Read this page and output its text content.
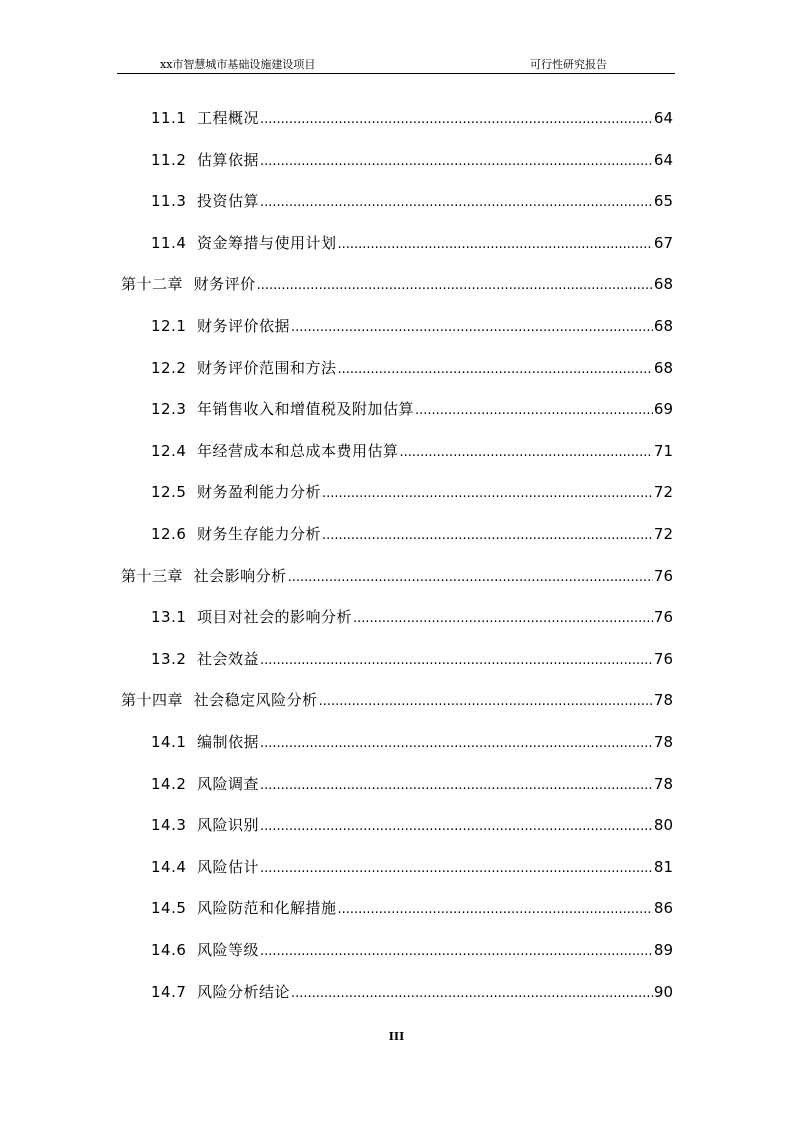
xx市智慧城市基础设施建设项目	可行性研究报告
11.1 工程概况 .....	64
11.2 估算依据 .....	64
11.3 投资估算 .....	65
11.4 资金筹措与使用计划 .....	67
第十二章 财务评价 .....	68
12.1 财务评价依据 .....	68
12.2 财务评价范围和方法 .....	68
12.3 年销售收入和增值税及附加估算 .....	69
12.4 年经营成本和总成本费用估算 .....	71
12.5 财务盈利能力分析 .....	72
12.6 财务生存能力分析 .....	72
第十三章 社会影响分析 .....	76
13.1 项目对社会的影响分析 .....	76
13.2 社会效益 .....	76
第十四章 社会稳定风险分析 .....	78
14.1 编制依据 .....	78
14.2 风险调查 .....	78
14.3 风险识别 .....	80
14.4 风险估计 .....	81
14.5 风险防范和化解措施 .....	86
14.6 风险等级 .....	89
14.7 风险分析结论 .....	90
III
